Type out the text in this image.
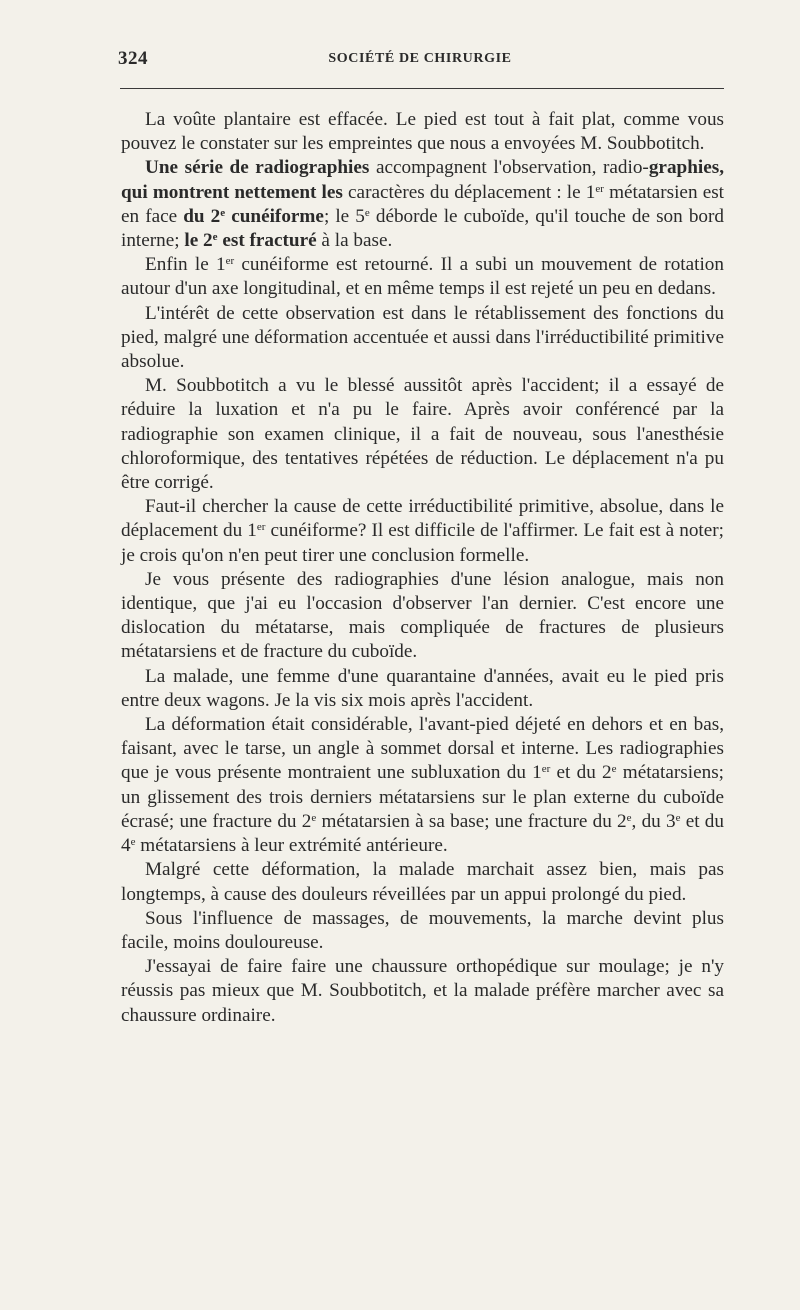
324	SOCIÉTÉ DE CHIRURGIE

La voûte plantaire est effacée. Le pied est tout à fait plat, comme vous pouvez le constater sur les empreintes que nous a envoyées M. Soubbotitch.

Une série de radiographies accompagnent l'observation, radio-graphies, qui montrent nettement les caractères du déplacement : le 1er métatarsien est en face du 2e cunéiforme; le 5e déborde le cuboïde, qu'il touche de son bord interne; le 2e est fracturé à la base.

Enfin le 1er cunéiforme est retourné. Il a subi un mouvement de rotation autour d'un axe longitudinal, et en même temps il est rejeté un peu en dedans.

L'intérêt de cette observation est dans le rétablissement des fonctions du pied, malgré une déformation accentuée et aussi dans l'irréductibilité primitive absolue.

M. Soubbotitch a vu le blessé aussitôt après l'accident; il a essayé de réduire la luxation et n'a pu le faire. Après avoir conférencé par la radiographie son examen clinique, il a fait de nouveau, sous l'anesthésie chloroformique, des tentatives répétées de réduction. Le déplacement n'a pu être corrigé.

Faut-il chercher la cause de cette irréductibilité primitive, absolue, dans le déplacement du 1er cunéiforme? Il est difficile de l'affirmer. Le fait est à noter; je crois qu'on n'en peut tirer une conclusion formelle.

Je vous présente des radiographies d'une lésion analogue, mais non identique, que j'ai eu l'occasion d'observer l'an dernier. C'est encore une dislocation du métatarse, mais compliquée de fractures de plusieurs métatarsiens et de fracture du cuboïde.

La malade, une femme d'une quarantaine d'années, avait eu le pied pris entre deux wagons. Je la vis six mois après l'accident.

La déformation était considérable, l'avant-pied déjeté en dehors et en bas, faisant, avec le tarse, un angle à sommet dorsal et interne. Les radiographies que je vous présente montraient une subluxation du 1er et du 2e métatarsiens; un glissement des trois derniers métatarsiens sur le plan externe du cuboïde écrasé; une fracture du 2e métatarsien à sa base; une fracture du 2e, du 3e et du 4e métatarsiens à leur extrémité antérieure.

Malgré cette déformation, la malade marchait assez bien, mais pas longtemps, à cause des douleurs réveillées par un appui prolongé du pied.

Sous l'influence de massages, de mouvements, la marche devint plus facile, moins douloureuse.

J'essayai de faire faire une chaussure orthopédique sur moulage; je n'y réussis pas mieux que M. Soubbotitch, et la malade préfère marcher avec sa chaussure ordinaire.
